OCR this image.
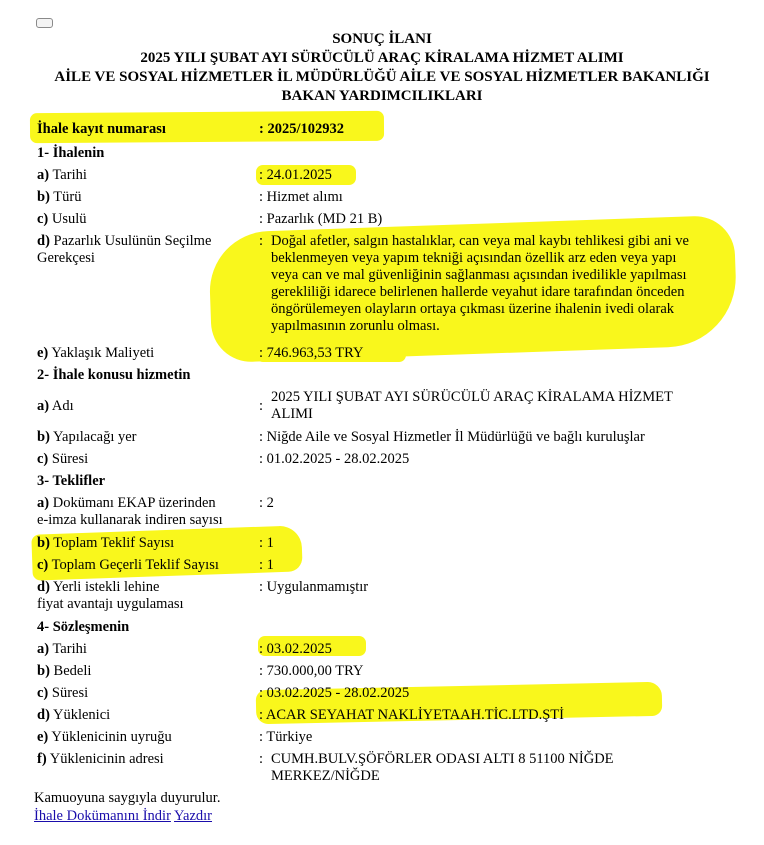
SONUÇ İLANI
2025 YILI ŞUBAT AYI SÜRÜCÜLÜ ARAÇ KİRALAMA HİZMET ALIMI
AİLE VE SOSYAL HİZMETLER İL MÜDÜRLÜĞÜ AİLE VE SOSYAL HİZMETLER BAKANLIĞI
BAKAN YARDIMCILIKLARI
İhale kayıt numarası	: 2025/102932
1- İhalenin
a) Tarihi	: 24.01.2025
b) Türü	: Hizmet alımı
c) Usulü	: Pazarlık (MD 21 B)
d) Pazarlık Usulünün Seçilme
Gerekçesi
: Doğal afetler, salgın hastalıklar, can veya mal kaybı tehlikesi gibi ani ve
beklenmeyen veya yapım tekniği açısından özellik arz eden veya yapı
veya can ve mal güvenliğinin sağlanması açısından ivedilikle yapılması
gerekliliği idarece belirlenen hallerde veyahut idare tarafından önceden
öngörülemeyen olayların ortaya çıkması üzerine ihalenin ivedi olarak
yapılmasının zorunlu olması.
e) Yaklaşık Maliyeti	: 746.963,53 TRY
2- İhale konusu hizmetin
a) Adı	:
2025 YILI ŞUBAT AYI SÜRÜCÜLÜ ARAÇ KİRALAMA HİZMET
ALIMI
b) Yapılacağı yer	: Niğde Aile ve Sosyal Hizmetler İl Müdürlüğü ve bağlı kuruluşlar
c) Süresi	: 01.02.2025 - 28.02.2025
3- Teklifler
a) Dokümanı EKAP üzerinden
e-imza kullanarak indiren sayısı
: 2
b) Toplam Teklif Sayısı	: 1
c) Toplam Geçerli Teklif Sayısı	: 1
d) Yerli istekli lehine
fiyat avantajı uygulaması
: Uygulanmamıştır
4- Sözleşmenin
a) Tarihi	: 03.02.2025
b) Bedeli	: 730.000,00 TRY
c) Süresi	: 03.02.2025 - 28.02.2025
d) Yüklenici	: ACAR SEYAHAT NAKLİYETAAH.TİC.LTD.ŞTİ
e) Yüklenicinin uyruğu	: Türkiye
f) Yüklenicinin adresi	: CUMH.BULV.ŞÖFÖRLER ODASI ALTI 8 51100 NİĞDE
MERKEZ/NİĞDE
Kamuoyuna saygıyla duyurulur.
İhale Dokümanını İndir Yazdır
